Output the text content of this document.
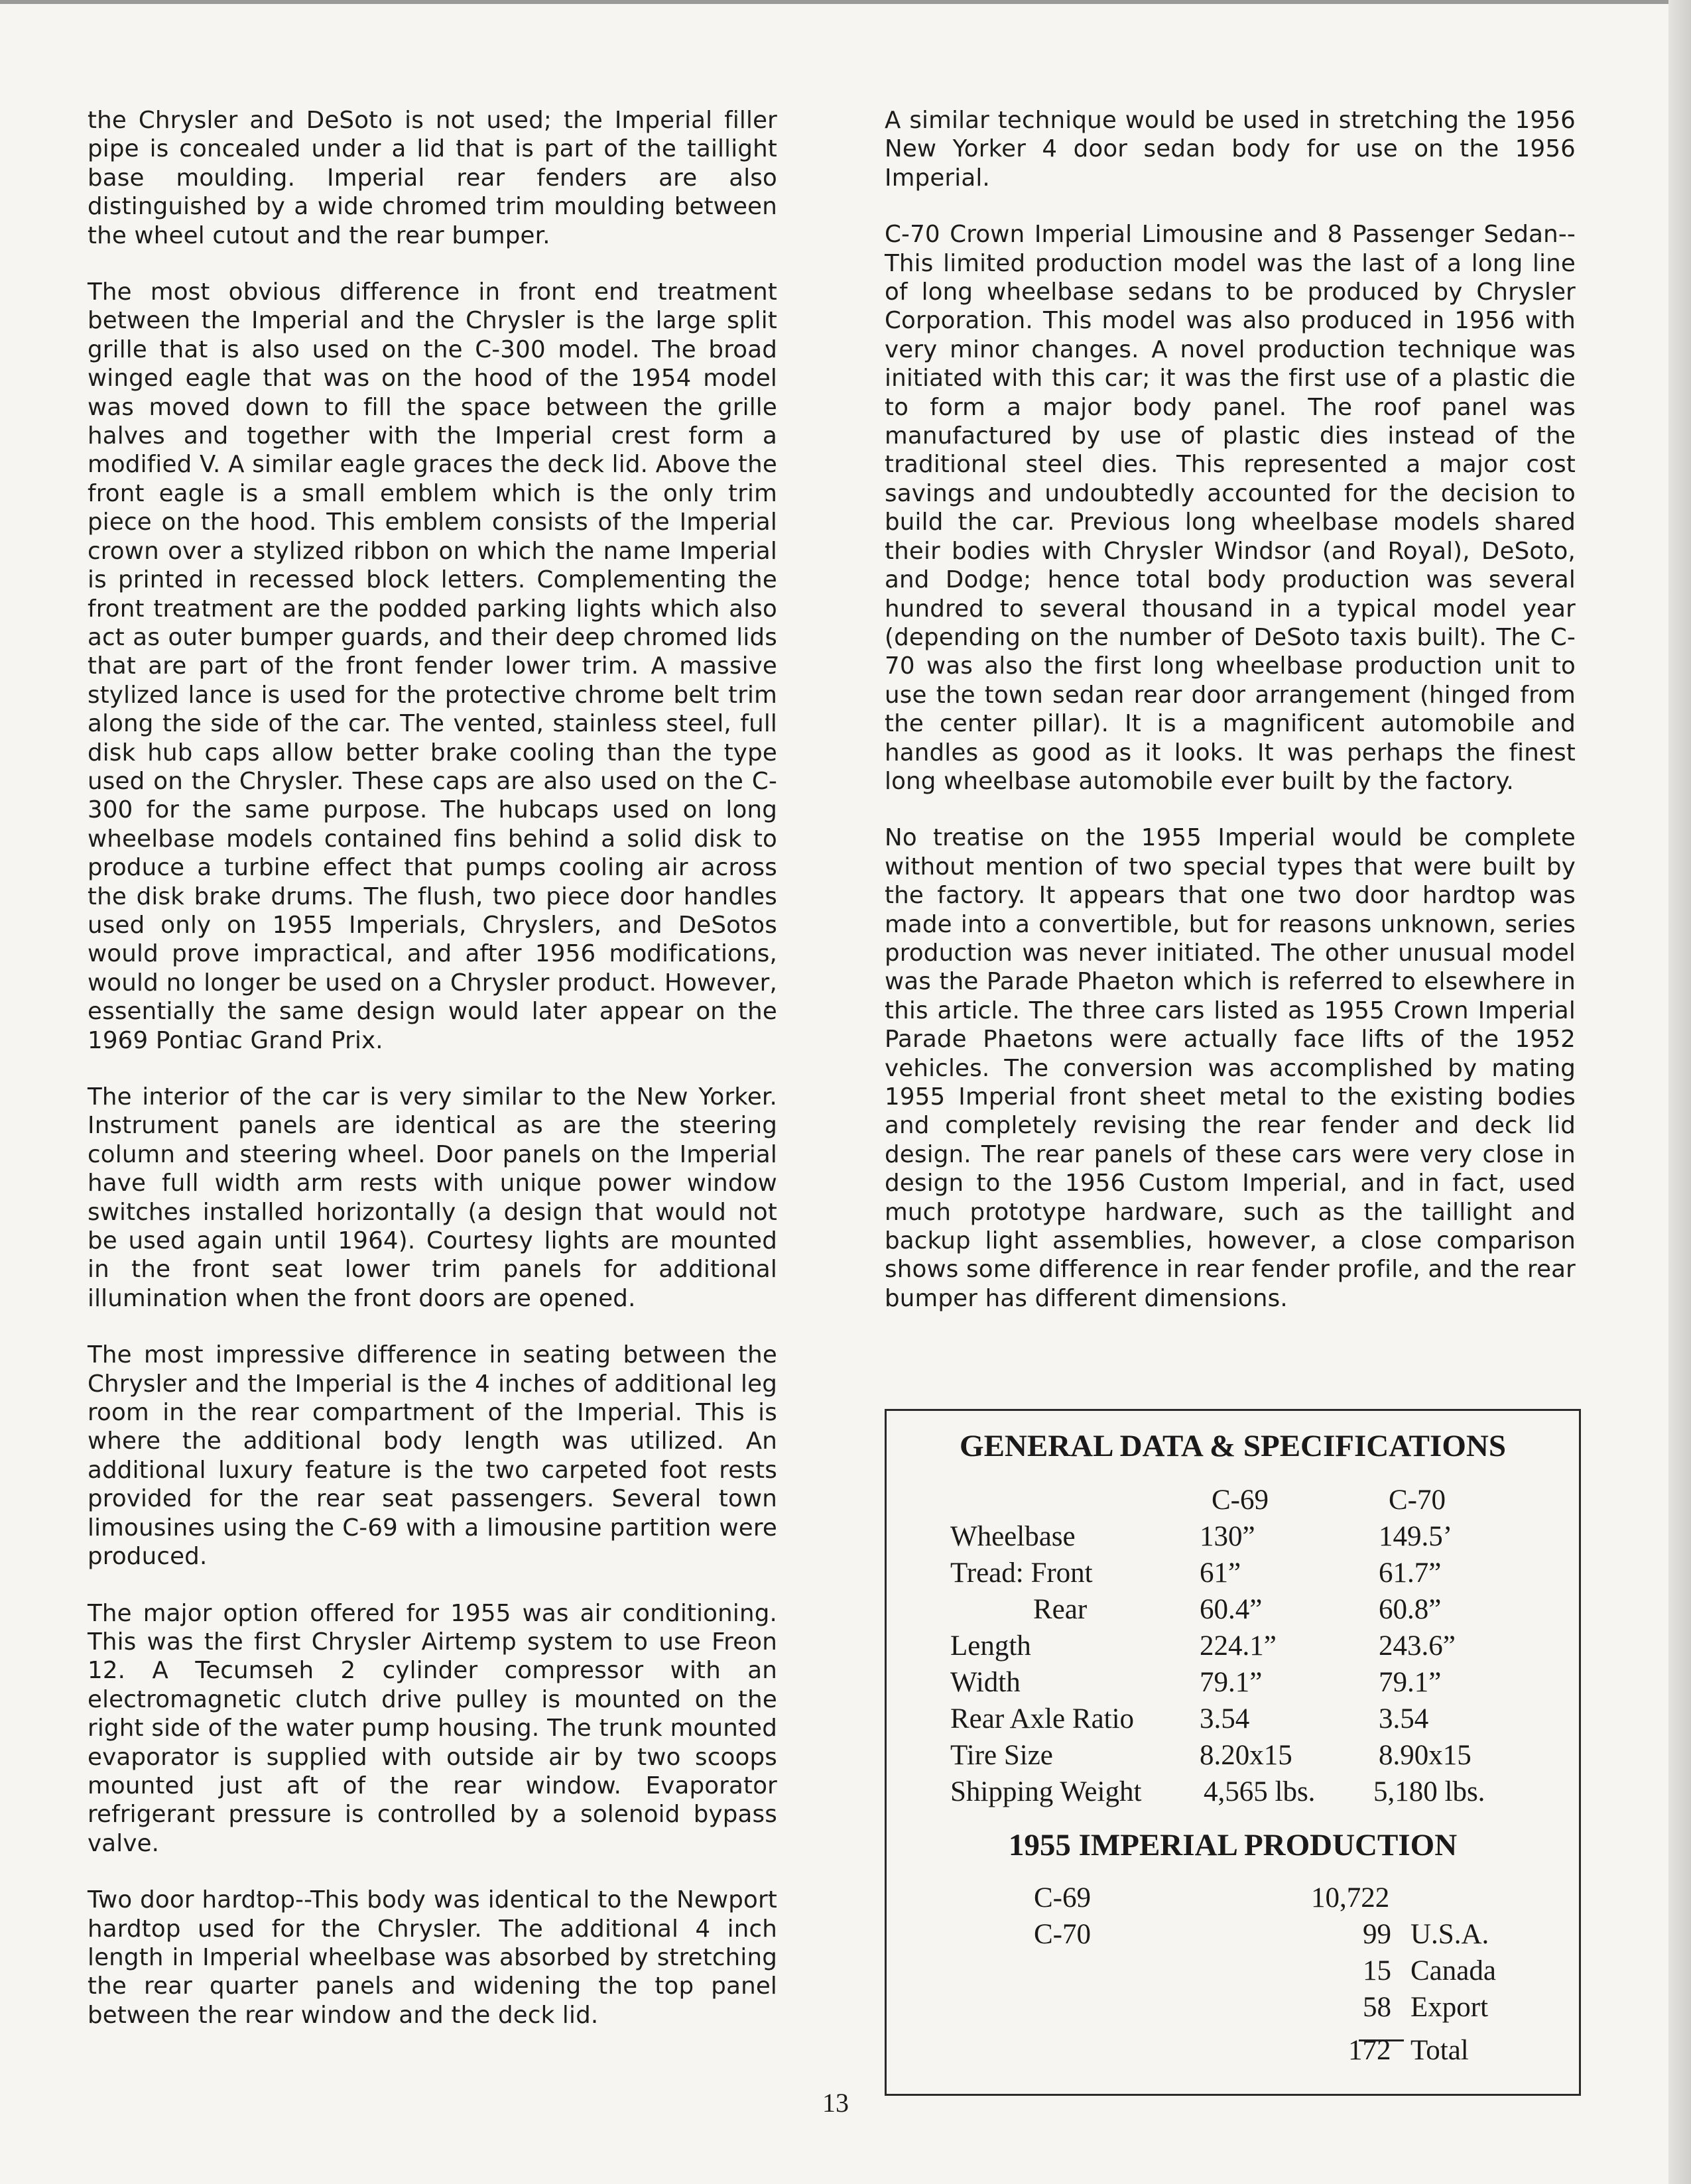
the Chrysler and DeSoto is not used; the Imperial filler pipe is concealed under a lid that is part of the taillight base moulding. Imperial rear fenders are also distinguished by a wide chromed trim moulding between the wheel cutout and the rear bumper.

The most obvious difference in front end treatment between the Imperial and the Chrysler is the large split grille that is also used on the C-300 model. The broad winged eagle that was on the hood of the 1954 model was moved down to fill the space between the grille halves and together with the Imperial crest form a modified V. A similar eagle graces the deck lid. Above the front eagle is a small emblem which is the only trim piece on the hood. This emblem consists of the Imperial crown over a stylized ribbon on which the name Imperial is printed in recessed block letters. Complementing the front treatment are the podded parking lights which also act as outer bumper guards, and their deep chromed lids that are part of the front fender lower trim. A massive stylized lance is used for the protective chrome belt trim along the side of the car. The vented, stainless steel, full disk hub caps allow better brake cooling than the type used on the Chrysler. These caps are also used on the C-300 for the same purpose. The hubcaps used on long wheelbase models contained fins behind a solid disk to produce a turbine effect that pumps cooling air across the disk brake drums. The flush, two piece door handles used only on 1955 Imperials, Chryslers, and DeSotos would prove impractical, and after 1956 modifications, would no longer be used on a Chrysler product. However, essentially the same design would later appear on the 1969 Pontiac Grand Prix.

The interior of the car is very similar to the New Yorker. Instrument panels are identical as are the steering column and steering wheel. Door panels on the Imperial have full width arm rests with unique power window switches installed horizontally (a design that would not be used again until 1964). Courtesy lights are mounted in the front seat lower trim panels for additional illumination when the front doors are opened.

The most impressive difference in seating between the Chrysler and the Imperial is the 4 inches of additional leg room in the rear compartment of the Imperial. This is where the additional body length was utilized. An additional luxury feature is the two carpeted foot rests provided for the rear seat passengers. Several town limousines using the C-69 with a limousine partition were produced.

The major option offered for 1955 was air conditioning. This was the first Chrysler Airtemp system to use Freon 12. A Tecumseh 2 cylinder compressor with an electromagnetic clutch drive pulley is mounted on the right side of the water pump housing. The trunk mounted evaporator is supplied with outside air by two scoops mounted just aft of the rear window. Evaporator refrigerant pressure is controlled by a solenoid bypass valve.

Two door hardtop--This body was identical to the Newport hardtop used for the Chrysler. The additional 4 inch length in Imperial wheelbase was absorbed by stretching the rear quarter panels and widening the top panel between the rear window and the deck lid.

A similar technique would be used in stretching the 1956 New Yorker 4 door sedan body for use on the 1956 Imperial.

C-70 Crown Imperial Limousine and 8 Passenger Sedan--This limited production model was the last of a long line of long wheelbase sedans to be produced by Chrysler Corporation. This model was also produced in 1956 with very minor changes. A novel production technique was initiated with this car; it was the first use of a plastic die to form a major body panel. The roof panel was manufactured by use of plastic dies instead of the traditional steel dies. This represented a major cost savings and undoubtedly accounted for the decision to build the car. Previous long wheelbase models shared their bodies with Chrysler Windsor (and Royal), DeSoto, and Dodge; hence total body production was several hundred to several thousand in a typical model year (depending on the number of DeSoto taxis built). The C-70 was also the first long wheelbase production unit to use the town sedan rear door arrangement (hinged from the center pillar). It is a magnificent automobile and handles as good as it looks. It was perhaps the finest long wheelbase automobile ever built by the factory.

No treatise on the 1955 Imperial would be complete without mention of two special types that were built by the factory. It appears that one two door hardtop was made into a convertible, but for reasons unknown, series production was never initiated. The other unusual model was the Parade Phaeton which is referred to elsewhere in this article. The three cars listed as 1955 Crown Imperial Parade Phaetons were actually face lifts of the 1952 vehicles. The conversion was accomplished by mating 1955 Imperial front sheet metal to the existing bodies and completely revising the rear fender and deck lid design. The rear panels of these cars were very close in design to the 1956 Custom Imperial, and in fact, used much prototype hardware, such as the taillight and backup light assemblies, however, a close comparison shows some difference in rear fender profile, and the rear bumper has different dimensions.

GENERAL DATA & SPECIFICATIONS
C-69	C-70
Wheelbase	130”	149.5’
Tread: Front	61”	61.7”
Rear	60.4”	60.8”
Length	224.1”	243.6”
Width	79.1”	79.1”
Rear Axle Ratio 3.54	3.54
Tire Size	8.20x15	8.90x15
Shipping Weight 4,565 lbs. 5,180 lbs.
1955 IMPERIAL PRODUCTION
C-69	10,722
C-70	99 U.S.A.
15 Canada
58 Export
172 Total
13
